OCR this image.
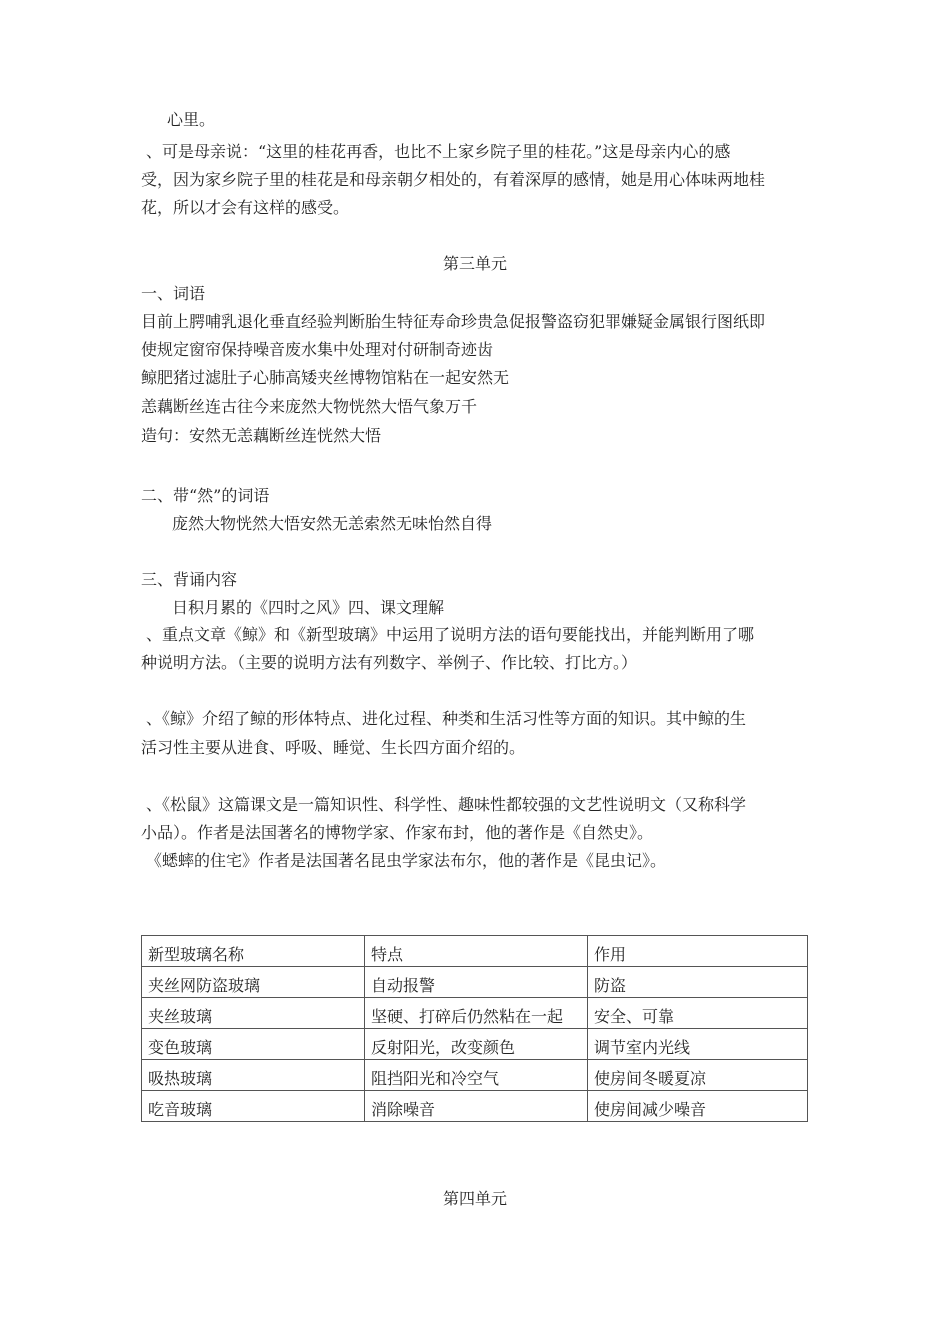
心里。
、可是母亲说：“这里的桂花再香，也比不上家乡院子里的桂花。”这是母亲内心的感
受，因为家乡院子里的桂花是和母亲朝夕相处的，有着深厚的感情，她是用心体味两地桂
花，所以才会有这样的感受。
第三单元
一、词语
目前上腭哺乳退化垂直经验判断胎生特征寿命珍贵急促报警盗窃犯罪嫌疑金属银行图纸即
使规定窗帘保持噪音废水集中处理对付研制奇迹齿
鲸肥猪过滤肚子心肺高矮夹丝博物馆粘在一起安然无
恙藕断丝连古往今来庞然大物恍然大悟气象万千
造句：安然无恙藕断丝连恍然大悟
二、带“然”的词语
庞然大物恍然大悟安然无恙索然无味怡然自得
三、背诵内容
日积月累的《四时之风》四、课文理解
、重点文章《鲸》和《新型玻璃》中运用了说明方法的语句要能找出，并能判断用了哪
种说明方法。（主要的说明方法有列数字、举例子、作比较、打比方。）
、《鲸》介绍了鲸的形体特点、进化过程、种类和生活习性等方面的知识。其中鲸的生
活习性主要从进食、呼吸、睡觉、生长四方面介绍的。
、《松鼠》这篇课文是一篇知识性、科学性、趣味性都较强的文艺性说明文（又称科学
小品）。作者是法国著名的博物学家、作家布封，他的著作是《自然史》。
《蟋蟀的住宅》作者是法国著名昆虫学家法布尔，他的著作是《昆虫记》。
新型玻璃名称	特点	作用
夹丝网防盗玻璃	自动报警	防盗
夹丝玻璃	坚硬、打碎后仍然粘在一起	安全、可靠
变色玻璃	反射阳光，改变颜色	调节室内光线
吸热玻璃	阻挡阳光和冷空气	使房间冬暖夏凉
吃音玻璃	消除噪音	使房间减少噪音
第四单元
